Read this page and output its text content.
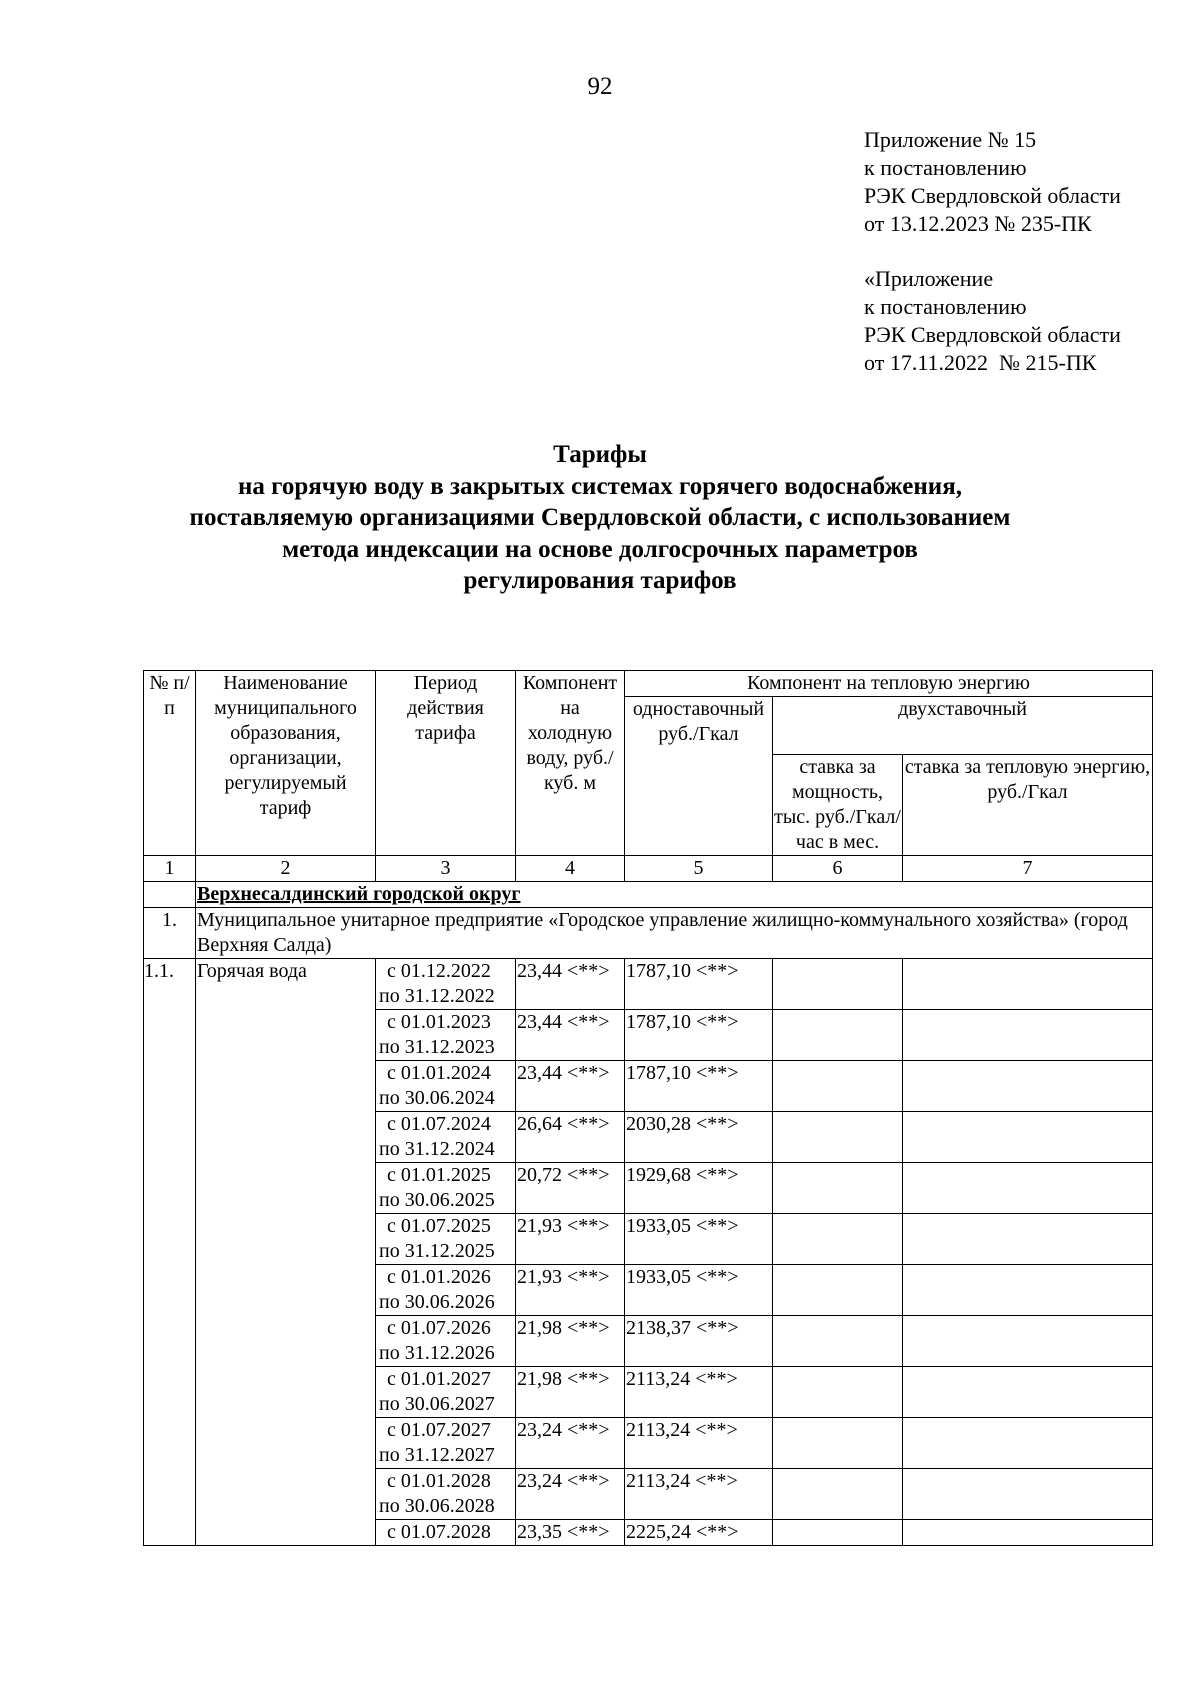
92
Приложение № 15
к постановлению
РЭК Свердловской области
от 13.12.2023 № 235-ПК
«Приложение
к постановлению
РЭК Свердловской области
от 17.11.2022  № 215-ПК
Тарифы
на горячую воду в закрытых системах горячего водоснабжения,
поставляемую организациями Свердловской области, с использованием
метода индексации на основе долгосрочных параметров
регулирования тарифов
№ п/п	Наименование муниципального образования, организации, регулируемый тариф	Период действия тарифа	Компонент на холодную воду, руб./куб. м	Компонент на тепловую энергию		
				одноставочный руб./Гкал	двухставочный	
					ставка за мощность, тыс. руб./Гкал/час в мес.	ставка за тепловую энергию, руб./Гкал
1	2	3	4	5	6	7
	Верхнесалдинский городской округ					
1.	Муниципальное унитарное предприятие «Городское управление жилищно-коммунального хозяйства» (город Верхняя Салда)					
1.1.	Горячая вода	с 01.12.2022
по 31.12.2022	23,44 <**>	1787,10 <**>		

		с 01.01.2023
по 31.12.2023	23,44 <**>	1787,10 <**>		

		с 01.01.2024
по 30.06.2024	23,44 <**>	1787,10 <**>		

		с 01.07.2024
по 31.12.2024	26,64 <**>	2030,28 <**>		

		с 01.01.2025
по 30.06.2025	20,72 <**>	1929,68 <**>		

		с 01.07.2025
по 31.12.2025	21,93 <**>	1933,05 <**>		

		с 01.01.2026
по 30.06.2026	21,93 <**>	1933,05 <**>		

		с 01.07.2026
по 31.12.2026	21,98 <**>	2138,37 <**>		

		с 01.01.2027
по 30.06.2027	21,98 <**>	2113,24 <**>		

		с 01.07.2027
по 31.12.2027	23,24 <**>	2113,24 <**>		

		с 01.01.2028
по 30.06.2028	23,24 <**>	2113,24 <**>		

		с 01.07.2028	23,35 <**>	2225,24 <**>		
